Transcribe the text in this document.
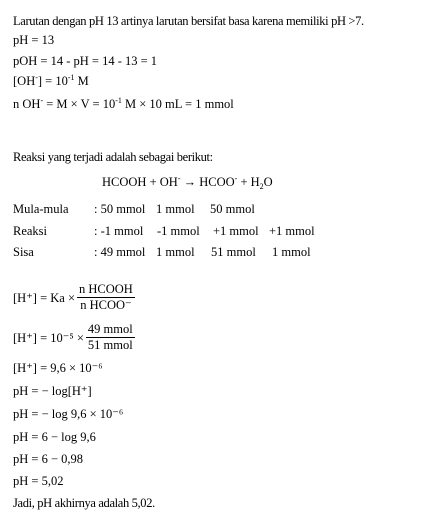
Larutan dengan pH 13 artinya larutan bersifat basa karena memiliki pH >7.
pH = 13
pOH = 14 - pH = 14 - 13 = 1
$[OH^-] = 10^{-1}$ M
n $OH^- = M \times V = 10^{-1}$ M × 10 mL = 1 mmol
Reaksi yang terjadi adalah sebagai berikut:
HCOOH + OH- → HCOO- + $H_2O$
Mula-mula : 50 mmol 1 mmol 50 mmol
Reaksi	: -1 mmol -1 mmol +1 mmol +1 mmol
Sisa	: 49 mmol 1 mmol 51 mmol 1 mmol
$[H^+] = Ka \times \frac{\text{n HCOOH}}{\text{n HCOO⁻}}$
$[H^+] = 10^{-5} \times \frac{\text{49 mmol}}{\text{51 mmol}}$
[H⁺] = 9,6 × 10⁻⁶
pH = − log[H⁺]
pH = − log 9,6 × 10⁻⁶
pH = 6 − log 9,6
pH = 6 − 0,98
pH = 5,02
Jadi, pH akhirnya adalah 5,02.
